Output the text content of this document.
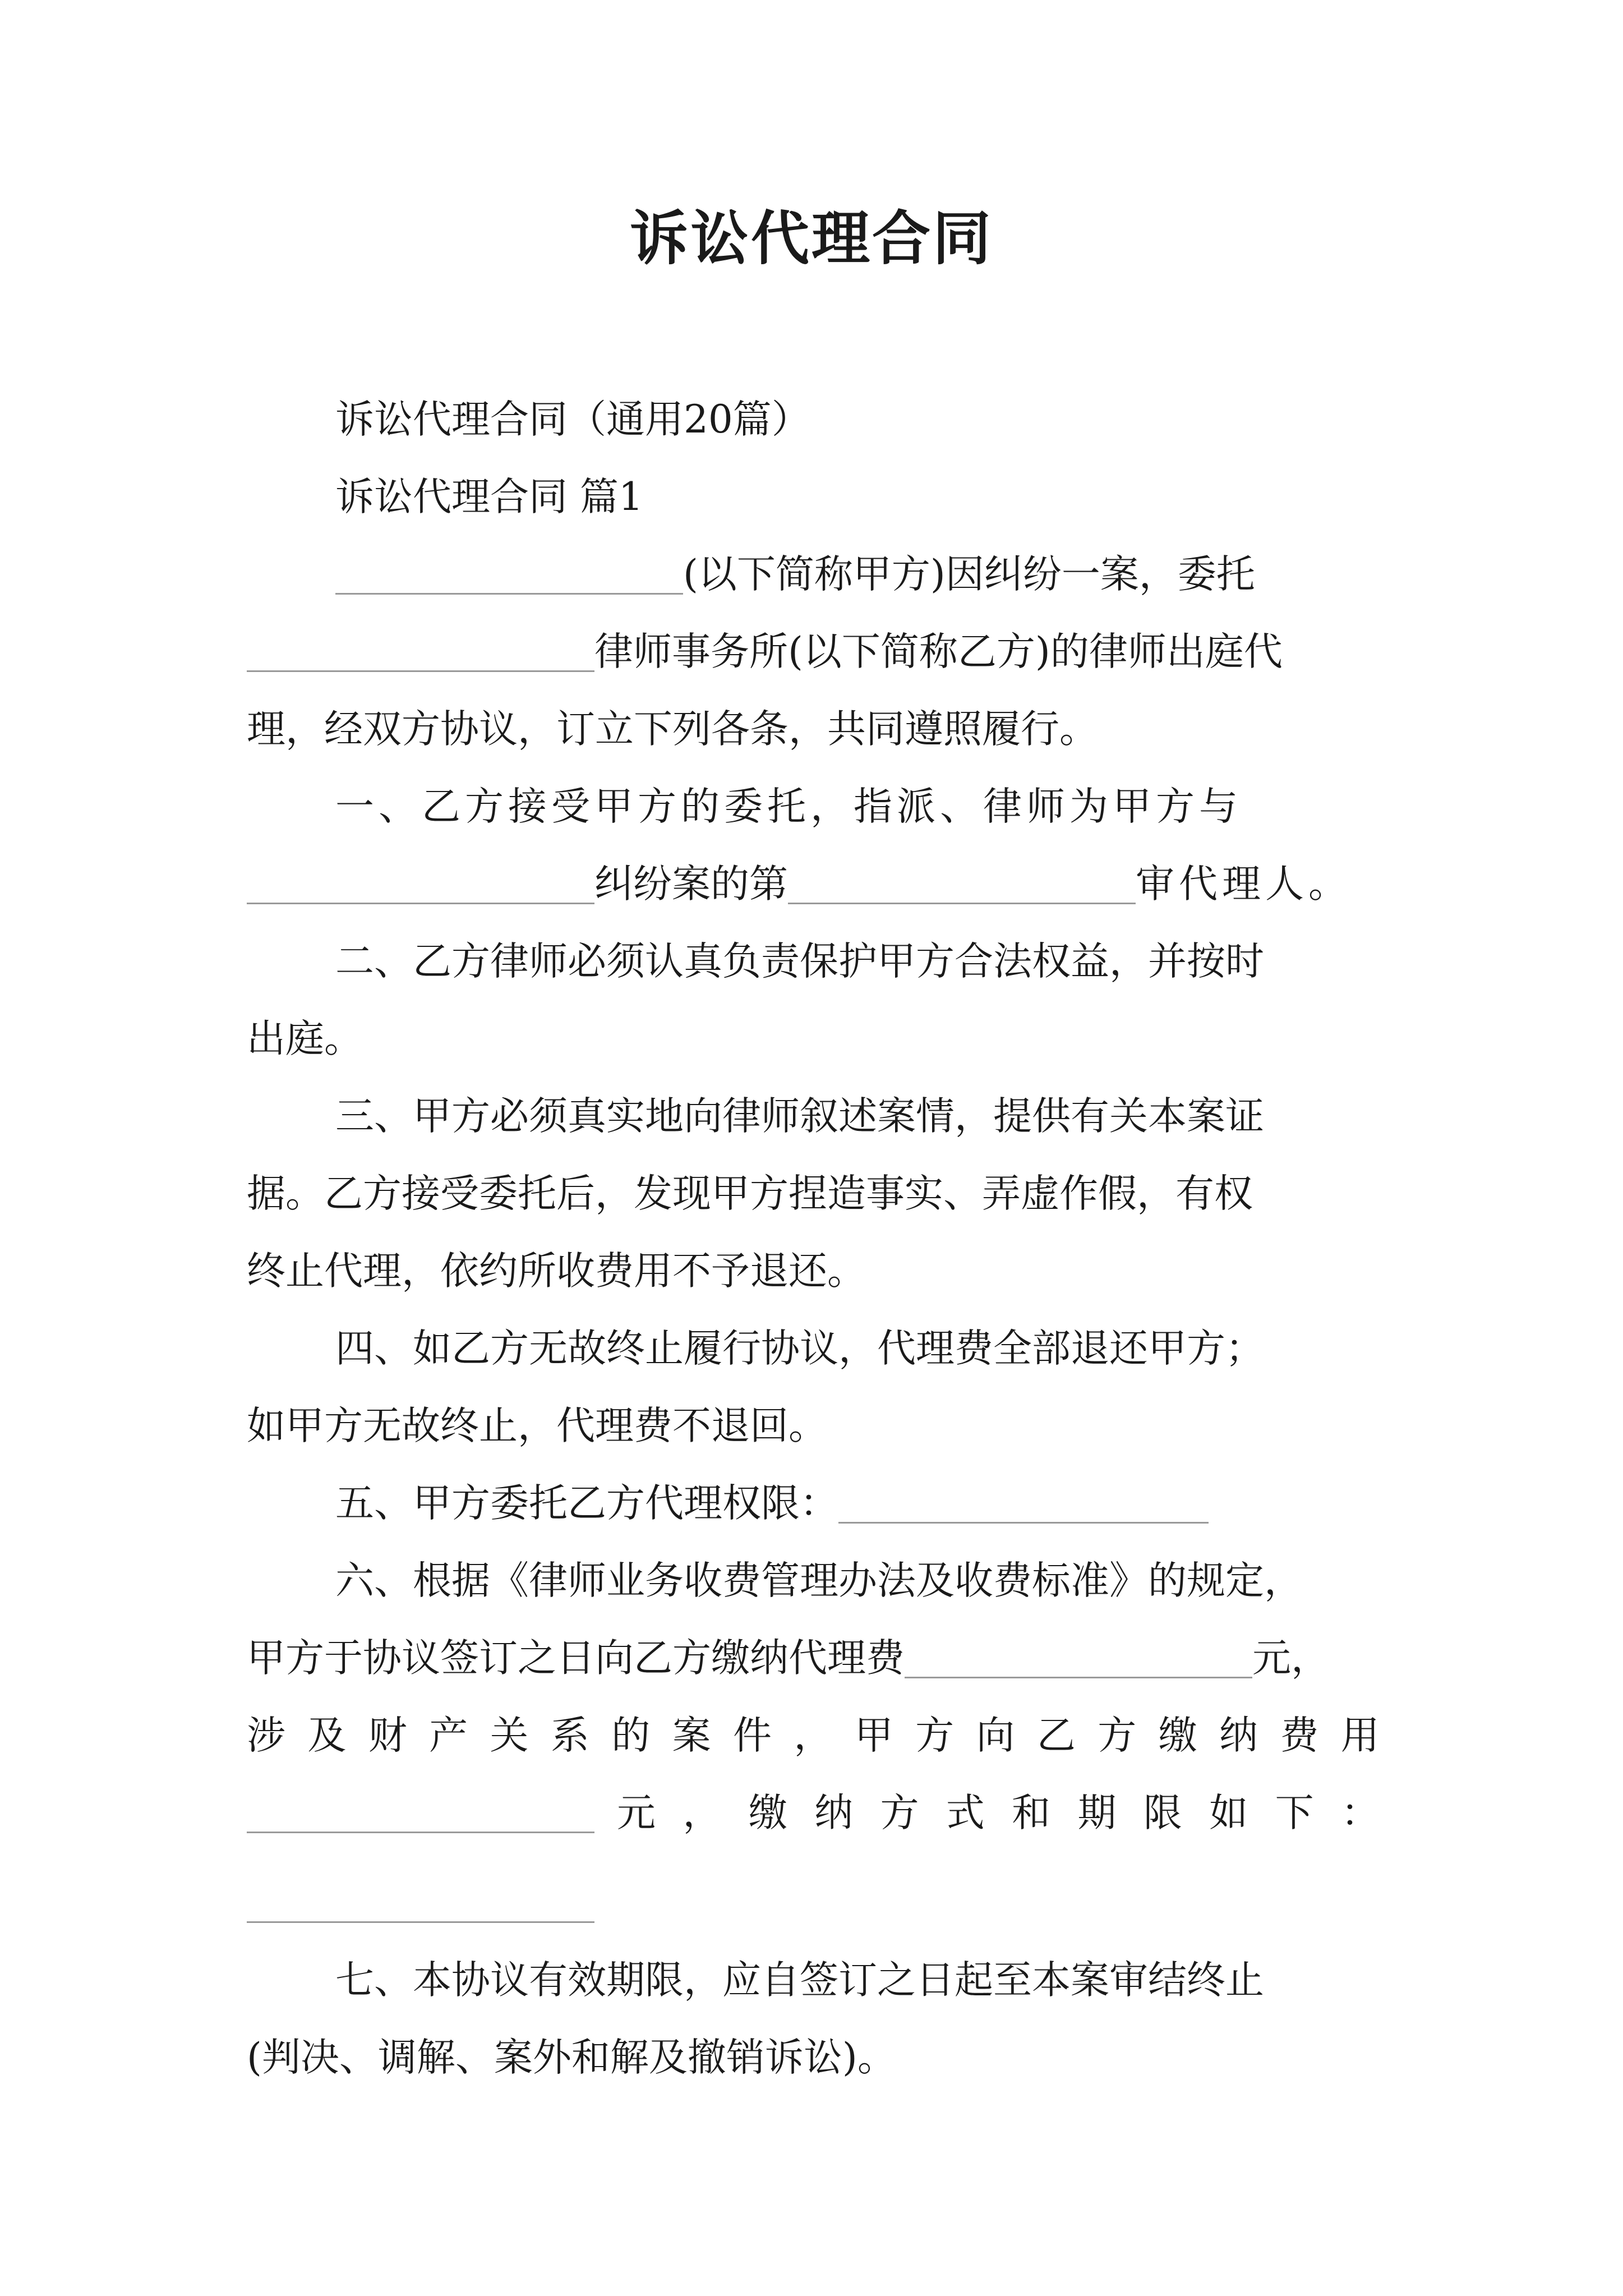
诉讼代理合同
诉讼代理合同（通用20篇）
诉讼代理合同 篇1
(以下简称甲方)因纠纷一案，委托
律师事务所(以下简称乙方)的律师出庭代
理，经双方协议，订立下列各条，共同遵照履行。
一、乙方接受甲方的委托，指派、律师为甲方与
纠纷案的第	审代理人。
二、乙方律师必须认真负责保护甲方合法权益，并按时
出庭。
三、甲方必须真实地向律师叙述案情，提供有关本案证
据。乙方接受委托后，发现甲方捏造事实、弄虚作假，有权
终止代理，依约所收费用不予退还。
四、如乙方无故终止履行协议，代理费全部退还甲方；
如甲方无故终止，代理费不退回。
五、甲方委托乙方代理权限：
六、根据《律师业务收费管理办法及收费标准》的规定，
甲方于协议签订之日向乙方缴纳代理费	元，
涉 及 财 产 关 系 的 案 件 ， 甲 方 向 乙 方 缴 纳 费 用
元 ， 缴 纳 方 式 和 期 限 如 下 ：
七、本协议有效期限，应自签订之日起至本案审结终止
(判决、调解、案外和解及撤销诉讼)。
